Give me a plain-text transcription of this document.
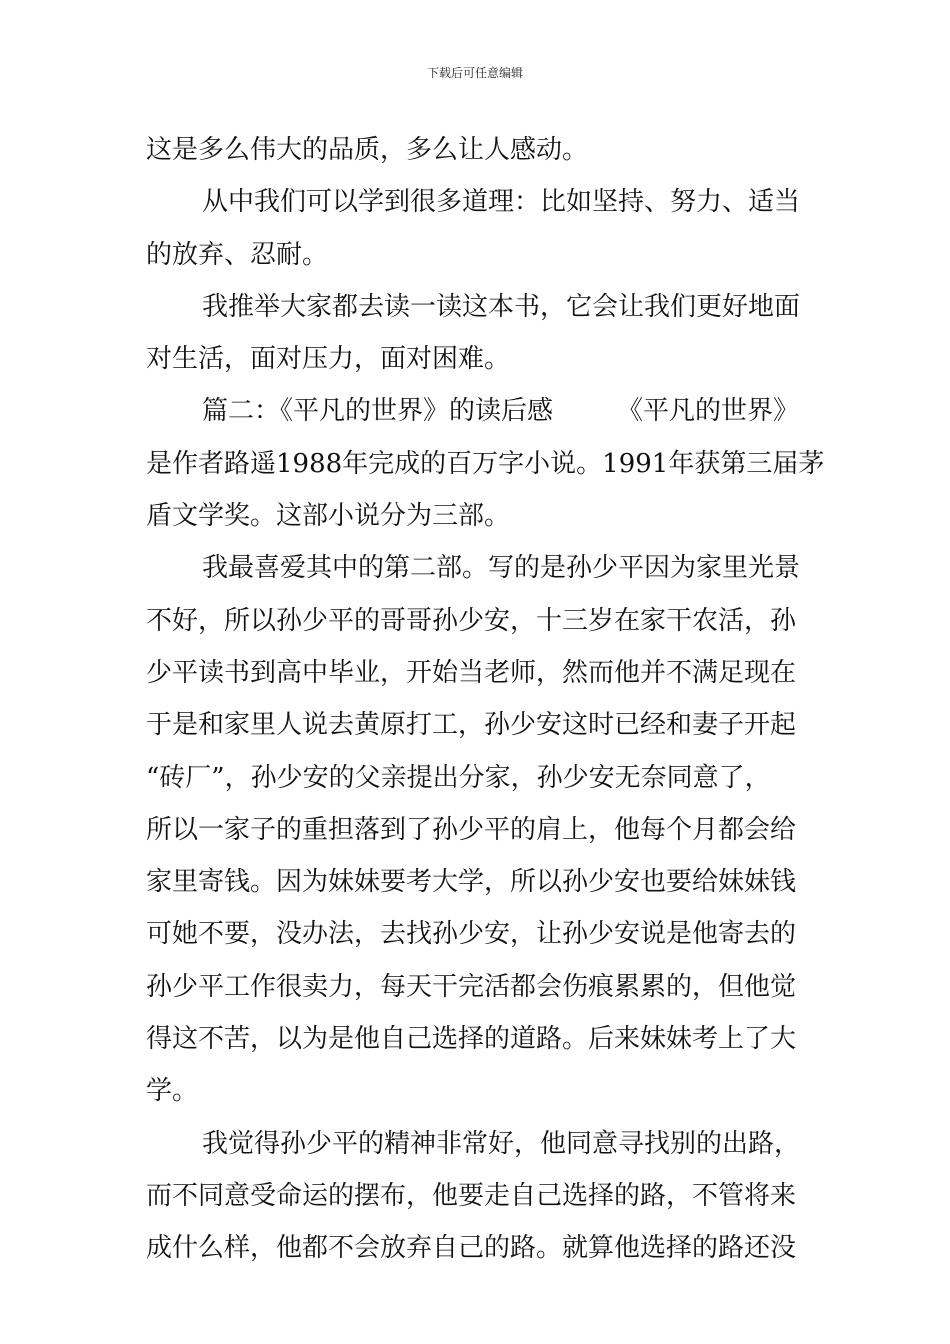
下载后可任意编辑
这是多么伟大的品质，多么让人感动。
从中我们可以学到很多道理：比如坚持、努力、适当
的放弃、忍耐。
我推举大家都去读一读这本书，它会让我们更好地面
对生活，面对压力，面对困难。
篇二：《平凡的世界》的读后感 《平凡的世界》
是作者路遥1988年完成的百万字小说。1991年获第三届茅
盾文学奖。这部小说分为三部。
我最喜爱其中的第二部。写的是孙少平因为家里光景
不好，所以孙少平的哥哥孙少安，十三岁在家干农活，孙
少平读书到高中毕业，开始当老师，然而他并不满足现在
于是和家里人说去黄原打工，孙少安这时已经和妻子开起
“砖厂”，孙少安的父亲提出分家，孙少安无奈同意了，
所以一家子的重担落到了孙少平的肩上，他每个月都会给
家里寄钱。因为妹妹要考大学，所以孙少安也要给妹妹钱
可她不要，没办法，去找孙少安，让孙少安说是他寄去的
孙少平工作很卖力，每天干完活都会伤痕累累的，但他觉
得这不苦，以为是他自己选择的道路。后来妹妹考上了大
学。
我觉得孙少平的精神非常好，他同意寻找别的出路，
而不同意受命运的摆布，他要走自己选择的路，不管将来
成什么样，他都不会放弃自己的路。就算他选择的路还没
